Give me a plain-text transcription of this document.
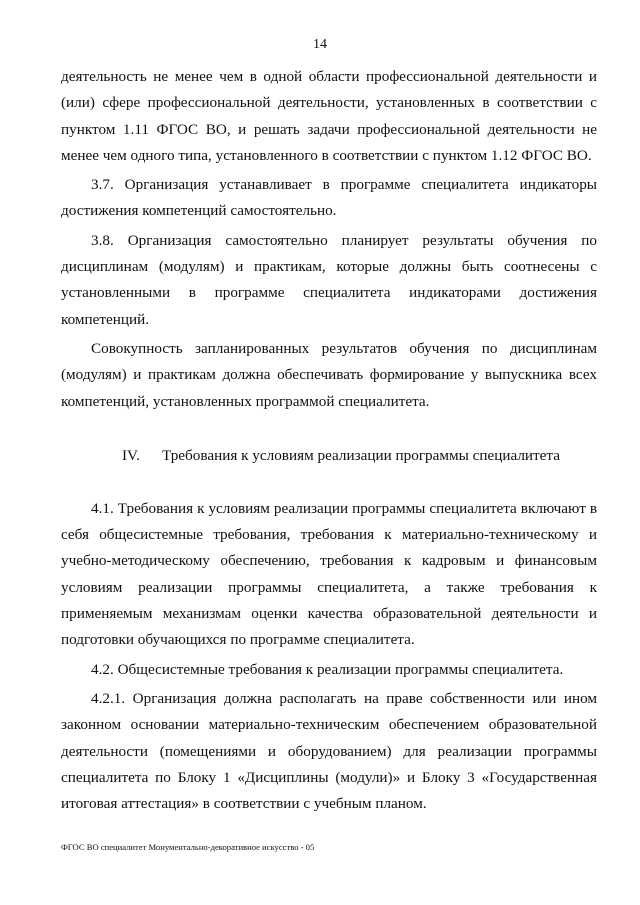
14

деятельность не менее чем в одной области профессиональной деятельности и (или) сфере профессиональной деятельности, установленных в соответствии с пунктом 1.11 ФГОС ВО, и решать задачи профессиональной деятельности не менее чем одного типа, установленного в соответствии с пунктом 1.12 ФГОС ВО.

3.7. Организация устанавливает в программе специалитета индикаторы достижения компетенций самостоятельно.

3.8. Организация самостоятельно планирует результаты обучения по дисциплинам (модулям) и практикам, которые должны быть соотнесены с установленными в программе специалитета индикаторами достижения компетенций.

Совокупность запланированных результатов обучения по дисциплинам (модулям) и практикам должна обеспечивать формирование у выпускника всех компетенций, установленных программой специалитета.

IV. Требования к условиям реализации программы специалитета

4.1. Требования к условиям реализации программы специалитета включают в себя общесистемные требования, требования к материально-техническому и учебно-методическому обеспечению, требования к кадровым и финансовым условиям реализации программы специалитета, а также требования к применяемым механизмам оценки качества образовательной деятельности и подготовки обучающихся по программе специалитета.

4.2. Общесистемные требования к реализации программы специалитета.

4.2.1. Организация должна располагать на праве собственности или ином законном основании материально-техническим обеспечением образовательной деятельности (помещениями и оборудованием) для реализации программы специалитета по Блоку 1 «Дисциплины (модули)» и Блоку 3 «Государственная итоговая аттестация» в соответствии с учебным планом.

ФГОС ВО специалитет Монументально-декоративное искусство - 05
